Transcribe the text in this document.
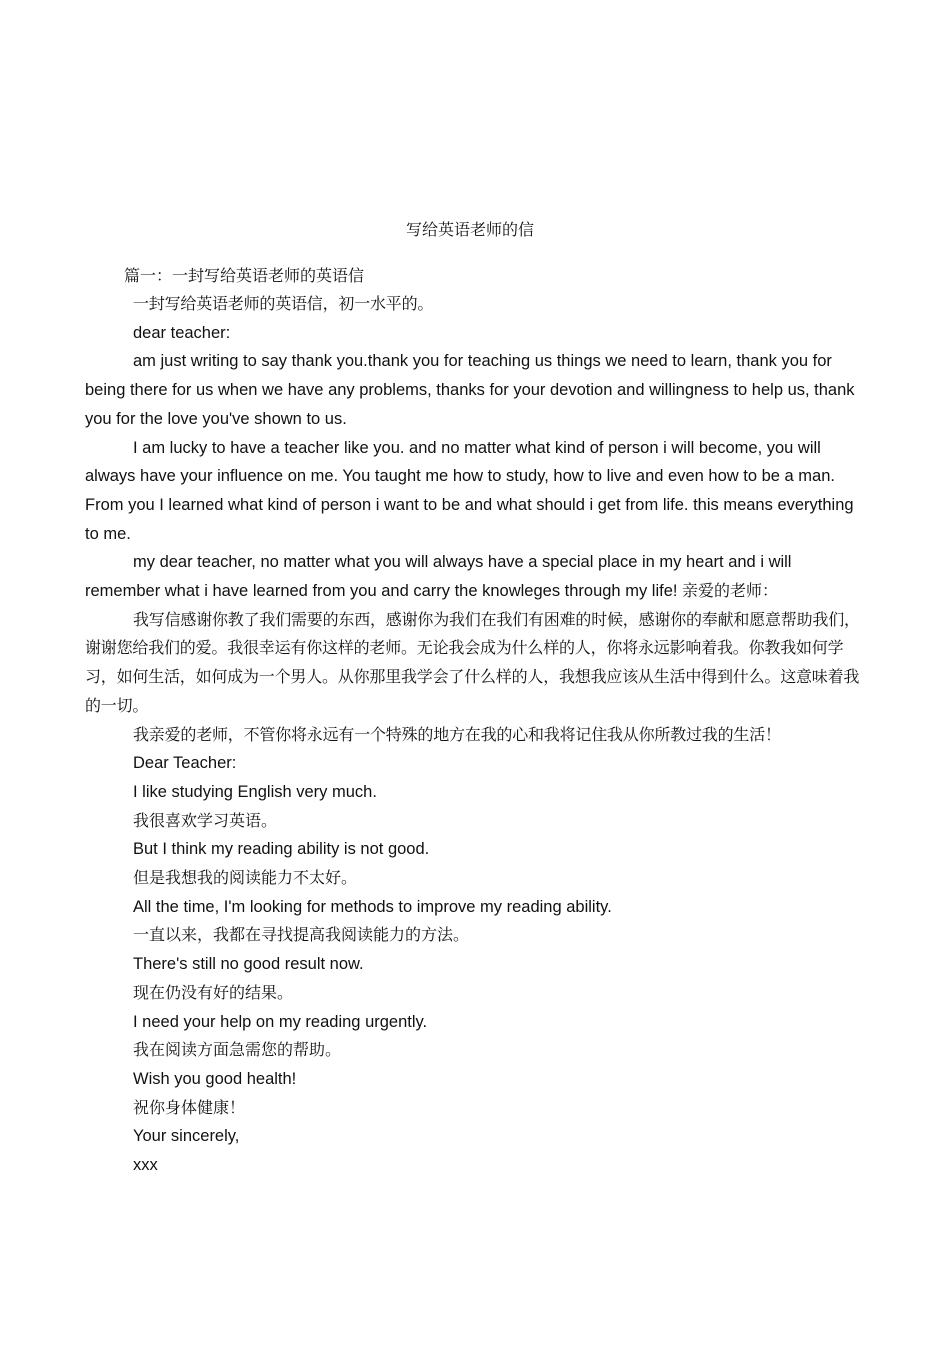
写给英语老师的信
篇一：一封写给英语老师的英语信

一封写给英语老师的英语信，初一水平的。

dear teacher:

am just writing to say thank you.thank you for teaching us things we need to learn, thank you for being there for us when we have any problems, thanks for your devotion and willingness to help us, thank you for the love you've shown to us.

I am lucky to have a teacher like you. and no matter what kind of person i will become, you will always have your influence on me. You taught me how to study, how to live and even how to be a man. From you I learned what kind of person i want to be and what should i get from life. this means everything to me.

my dear teacher, no matter what you will always have a special place in my heart and i will remember what i have learned from you and carry the knowleges through my life! 亲爱的老师：

我写信感谢你教了我们需要的东西，感谢你为我们在我们有困难的时候，感谢你的奉献和愿意帮助我们，谢谢您给我们的爱。我很幸运有你这样的老师。无论我会成为什么样的人，你将永远影响着我。你教我如何学习，如何生活，如何成为一个男人。从你那里我学会了什么样的人，我想我应该从生活中得到什么。这意味着我的一切。

我亲爱的老师，不管你将永远有一个特殊的地方在我的心和我将记住我从你所教过我的生活！

Dear Teacher:

I like studying English very much.

我很喜欢学习英语。

But I think my reading ability is not good.

但是我想我的阅读能力不太好。

All the time, I'm looking for methods to improve my reading ability.

一直以来，我都在寻找提高我阅读能力的方法。

There's still no good result now.

现在仍没有好的结果。

I need your help on my reading urgently.

我在阅读方面急需您的帮助。

Wish you good health!

祝你身体健康！

Your sincerely,

xxx
